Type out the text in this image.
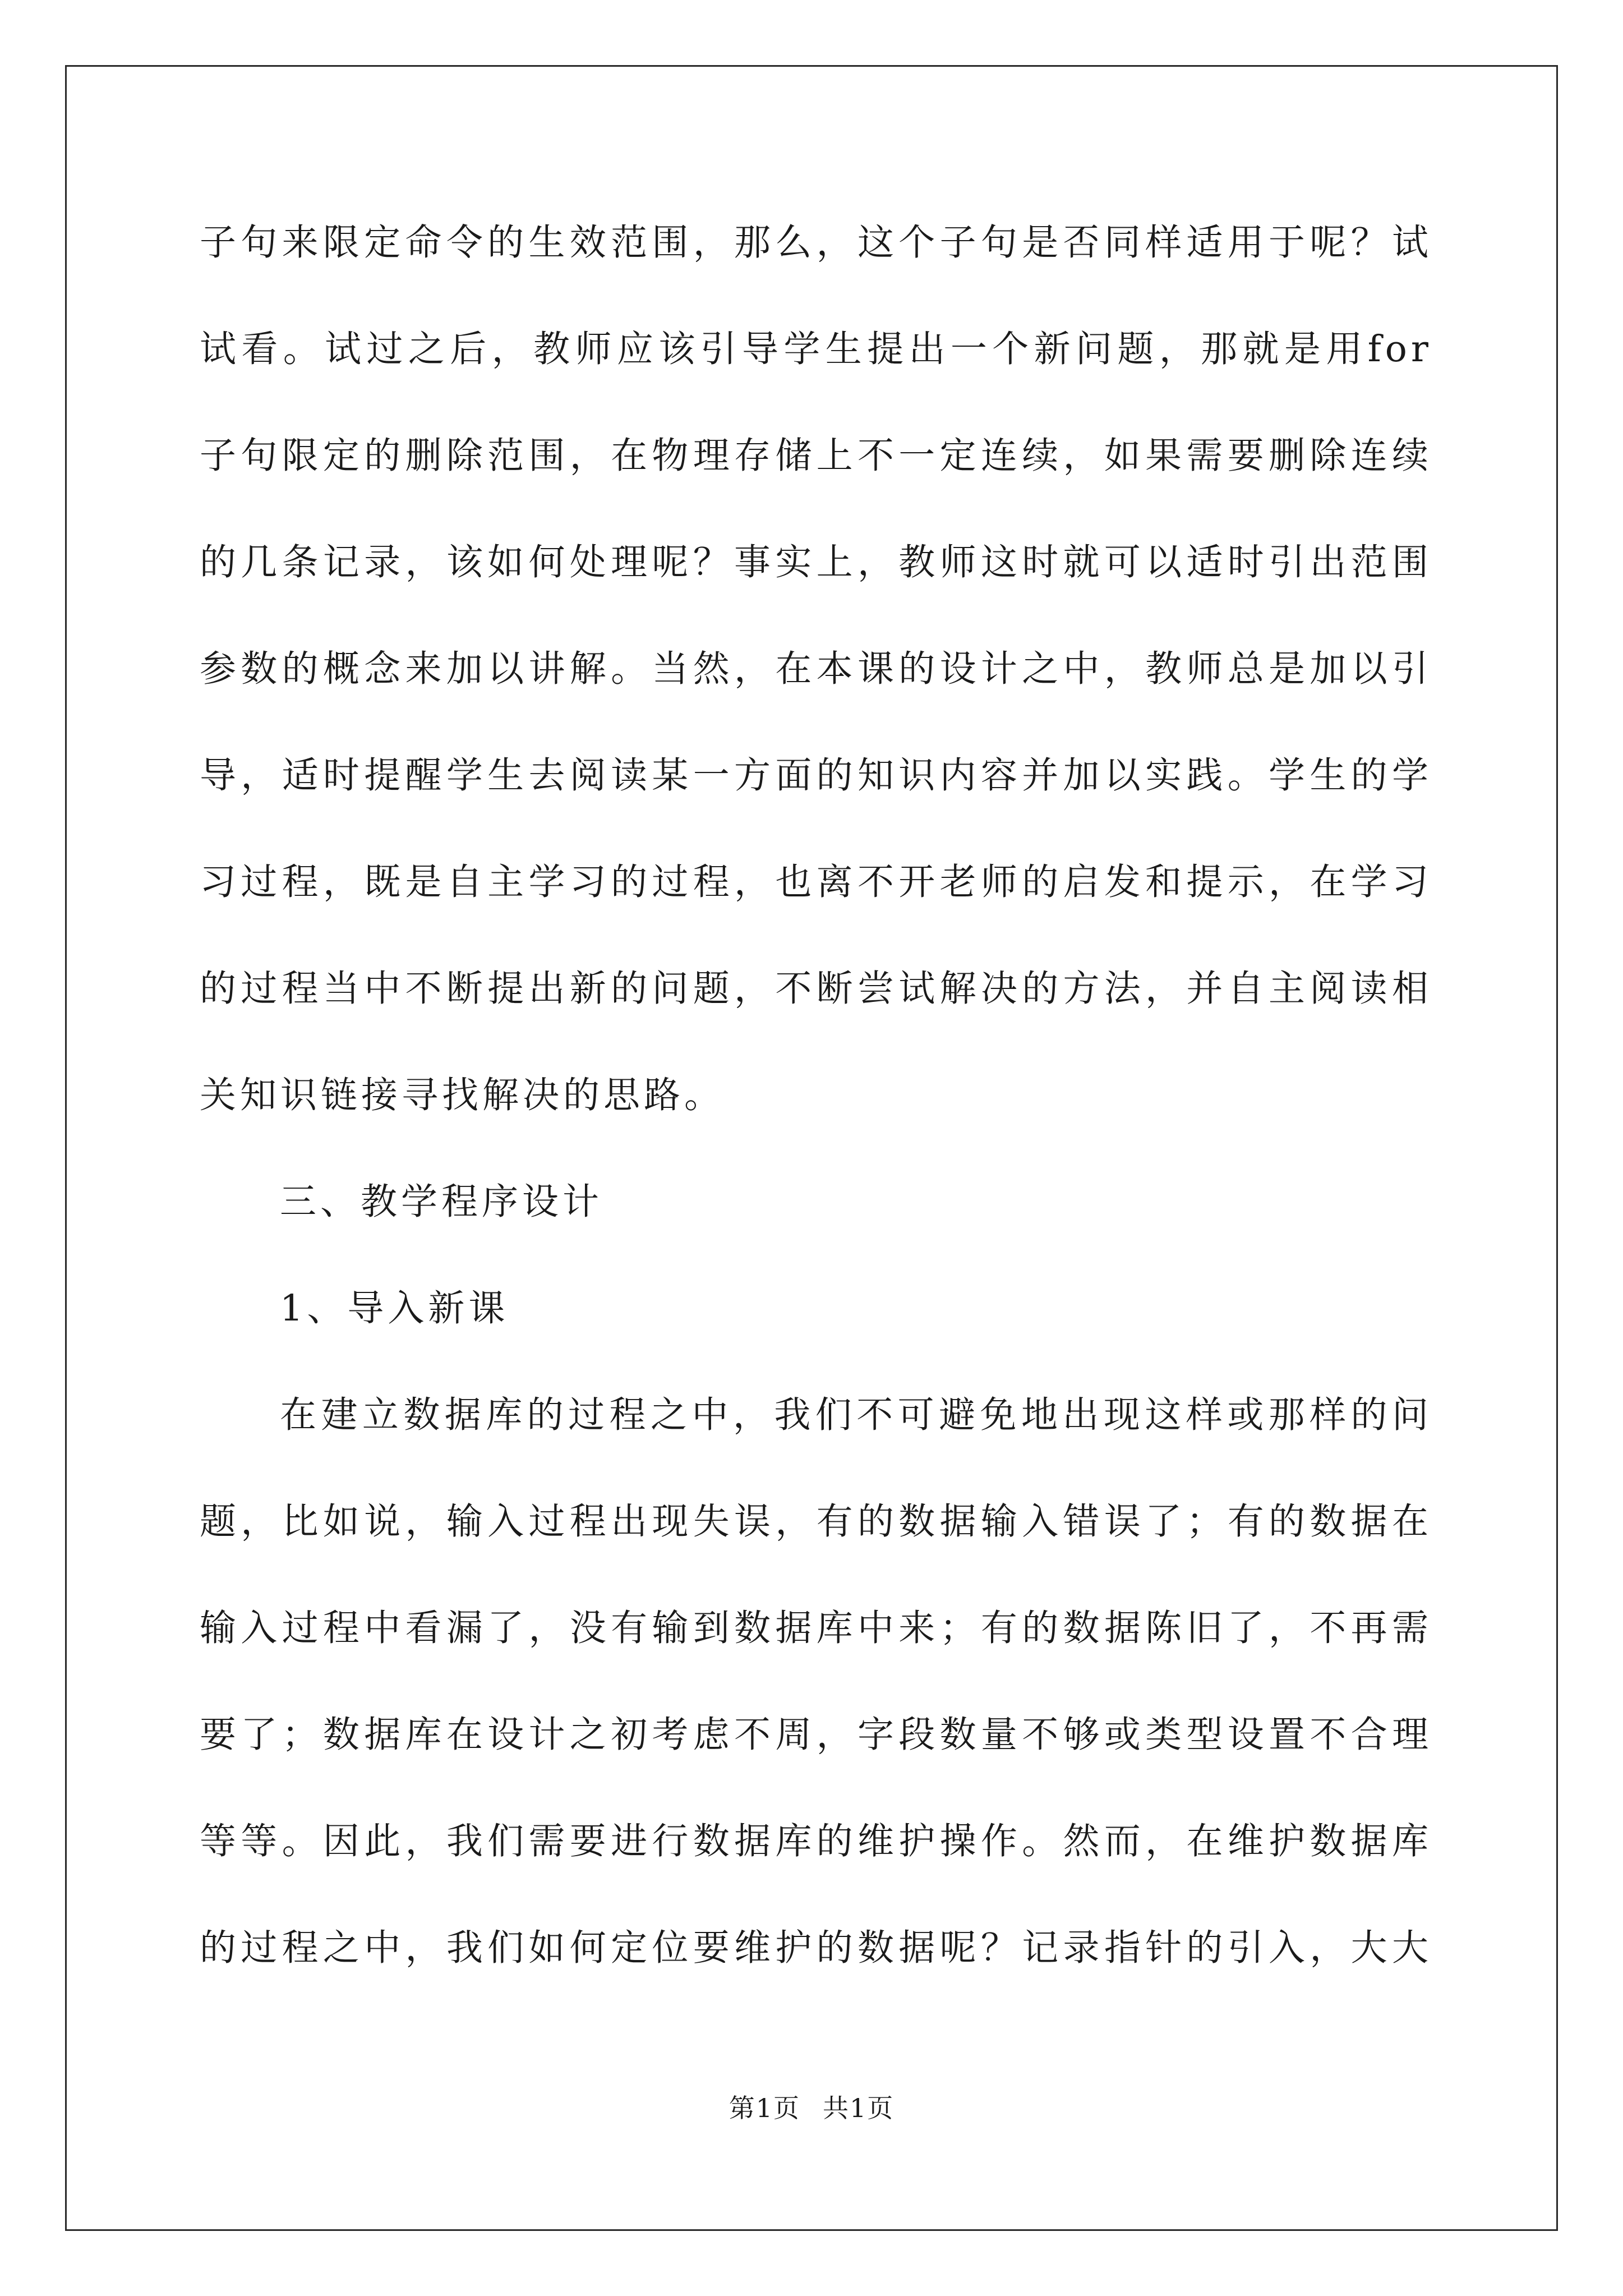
子句来限定命令的生效范围，那么，这个子句是否同样适用于呢？试
试看。试过之后，教师应该引导学生提出一个新问题，那就是用for
子句限定的删除范围，在物理存储上不一定连续，如果需要删除连续
的几条记录，该如何处理呢？事实上，教师这时就可以适时引出范围
参数的概念来加以讲解。当然，在本课的设计之中，教师总是加以引
导，适时提醒学生去阅读某一方面的知识内容并加以实践。学生的学
习过程，既是自主学习的过程，也离不开老师的启发和提示，在学习
的过程当中不断提出新的问题，不断尝试解决的方法，并自主阅读相
关知识链接寻找解决的思路。
三、教学程序设计
1、导入新课
在建立数据库的过程之中，我们不可避免地出现这样或那样的问
题，比如说，输入过程出现失误，有的数据输入错误了；有的数据在
输入过程中看漏了，没有输到数据库中来；有的数据陈旧了，不再需
要了；数据库在设计之初考虑不周，字段数量不够或类型设置不合理
等等。因此，我们需要进行数据库的维护操作。然而，在维护数据库
的过程之中，我们如何定位要维护的数据呢？记录指针的引入，大大
第1页 共1页
